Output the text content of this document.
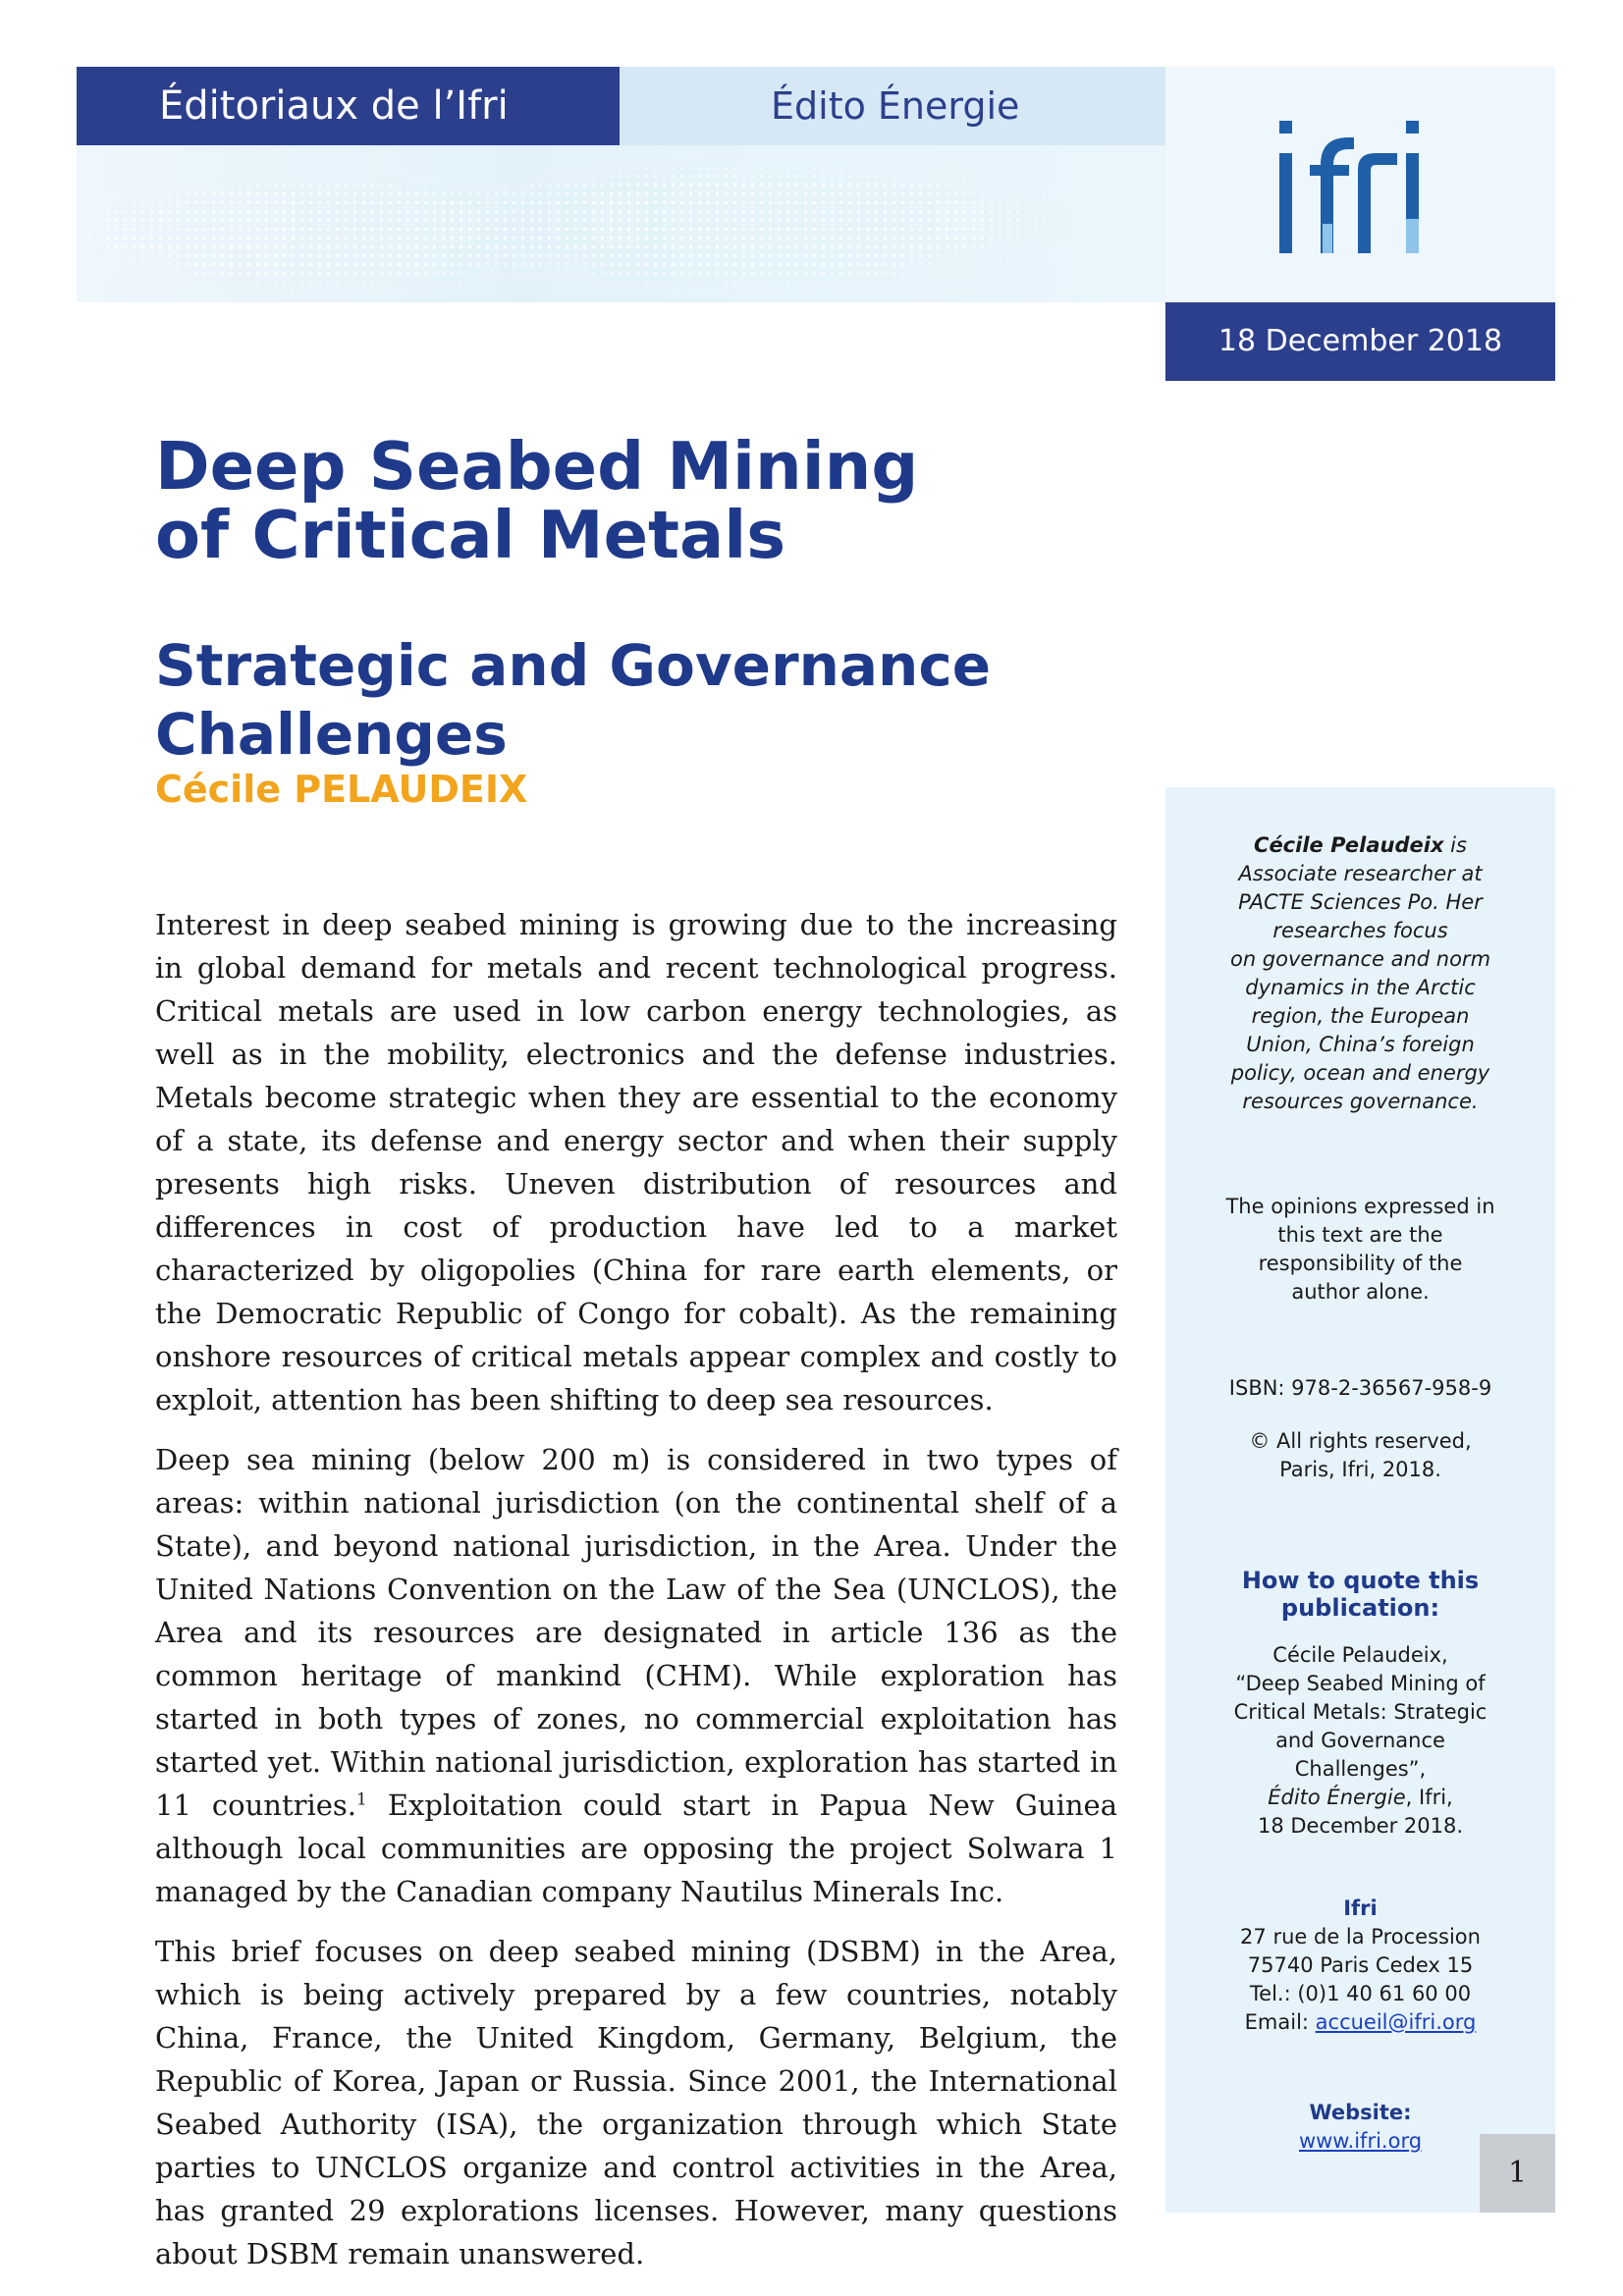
Éditoriaux de l’Ifri	Édito Énergie
18 December 2018
Deep Seabed Mining
of Critical Metals
Strategic and Governance Challenges

Cécile PELAUDEIX

Interest in deep seabed mining is growing due to the increasing in global demand for metals and recent technological progress. Critical metals are used in low carbon energy technologies, as well as in the mobility, electronics and the defense industries. Metals become strategic when they are essential to the economy of a state, its defense and energy sector and when their supply presents high risks. Uneven distribution of resources and differences in cost of production have led to a market characterized by oligopolies (China for rare earth elements, or the Democratic Republic of Congo for cobalt). As the remaining onshore resources of critical metals appear complex and costly to exploit, attention has been shifting to deep sea resources.

Deep sea mining (below 200 m) is considered in two types of areas: within national jurisdiction (on the continental shelf of a State), and beyond national jurisdiction, in the Area. Under the United Nations Convention on the Law of the Sea (UNCLOS), the Area and its resources are designated in article 136 as the common heritage of mankind (CHM). While exploration has started in both types of zones, no commercial exploitation has started yet. Within national jurisdiction, exploration has started in 11 countries.$^1$ Exploitation could start in Papua New Guinea although local communities are opposing the project Solwara 1 managed by the Canadian company Nautilus Minerals Inc.

This brief focuses on deep seabed mining (DSBM) in the Area, which is being actively prepared by a few countries, notably China, France, the United Kingdom, Germany, Belgium, the Republic of Korea, Japan or Russia. Since 2001, the International Seabed Authority (ISA), the organization through which State parties to UNCLOS organize and control activities in the Area, has granted 29 explorations licenses. However, many questions about DSBM remain unanswered.

Cécile Pelaudeix is
Associate researcher at
PACTE Sciences Po. Her
researches focus
on governance and norm
dynamics in the Arctic
region, the European
Union, China’s foreign
policy, ocean and energy
resources governance.
The opinions expressed in
this text are the
responsibility of the
author alone.
ISBN: 978-2-36567-958-9
© All rights reserved,
Paris, Ifri, 2018.
How to quote this
publication:
Cécile Pelaudeix,
“Deep Seabed Mining of
Critical Metals: Strategic
and Governance
Challenges”,
Édito Énergie, Ifri,
18 December 2018.
Ifri
27 rue de la Procession
75740 Paris Cedex 15
Tel.: (0)1 40 61 60 00
Email: accueil@ifri.org
Website:
www.ifri.org
1
